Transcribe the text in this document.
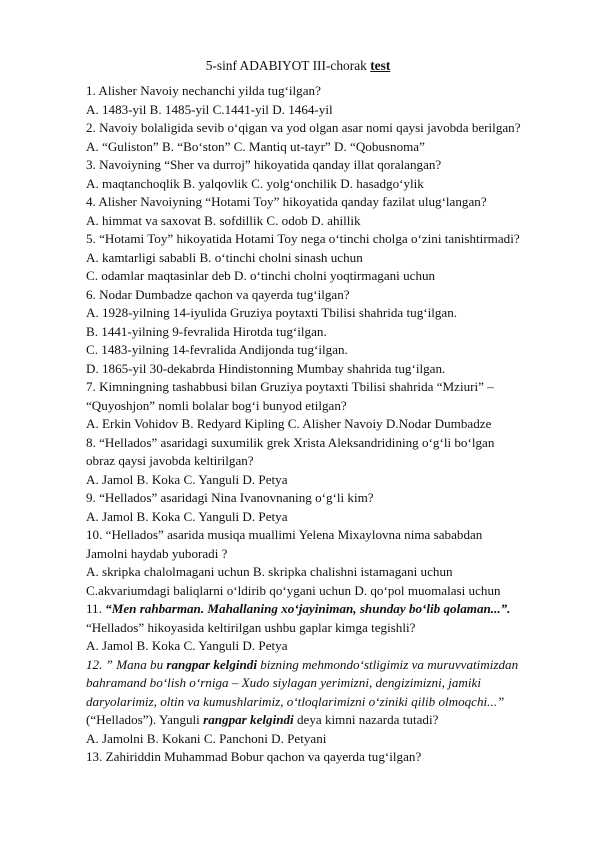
5-sinf ADABIYOT III-chorak test
1. Alisher Navoiy nechanchi yilda tug‘ilgan?
A. 1483-yil B. 1485-yil C.1441-yil D. 1464-yil
2. Navoiy bolaligida sevib o‘qigan va yod olgan asar nomi qaysi javobda berilgan?
A. “Guliston” B. “Bo‘ston” C. Mantiq ut-tayr” D. “Qobusnoma”
3. Navoiyning “Sher va durroj” hikoyatida qanday illat qoralangan?
A. maqtanchoqlik B. yalqovlik C. yolg‘onchilik D. hasadgo‘ylik
4. Alisher Navoiyning “Hotami Toy” hikoyatida qanday fazilat ulug‘langan?
A. himmat va saxovat B. sofdillik C. odob D. ahillik
5. “Hotami Toy” hikoyatida Hotami Toy nega o‘tinchi cholga o‘zini tanishtirmadi?
A. kamtarligi sababli B. o‘tinchi cholni sinash uchun
C. odamlar maqtasinlar deb D. o‘tinchi cholni yoqtirmagani uchun
6. Nodar Dumbadze qachon va qayerda tug‘ilgan?
A. 1928-yilning 14-iyulida Gruziya poytaxti Tbilisi shahrida tug‘ilgan.
B. 1441-yilning 9-fevralida Hirotda tug‘ilgan.
C. 1483-yilning 14-fevralida Andijonda tug‘ilgan.
D. 1865-yil 30-dekabrda Hindistonning Mumbay shahrida tug‘ilgan.
7. Kimningning tashabbusi bilan Gruziya poytaxti Tbilisi shahrida “Mziuri” –
“Quyoshjon” nomli bolalar bog‘i bunyod etilgan?
A. Erkin Vohidov B. Redyard Kipling C. Alisher Navoiy D.Nodar Dumbadze
8. “Hellados” asaridagi suxumilik grek Xrista Aleksandridining o‘g‘li bo‘lgan
obraz qaysi javobda keltirilgan?
A. Jamol B. Koka C. Yanguli D. Petya
9. “Hellados” asaridagi Nina Ivanovnaning o‘g‘li kim?
A. Jamol B. Koka C. Yanguli D. Petya
10. “Hellados” asarida musiqa muallimi Yelena Mixaylovna nima sababdan
Jamolni haydab yuboradi ?
A. skripka chalolmagani uchun B. skripka chalishni istamagani uchun
C.akvariumdagi baliqlarni o‘ldirib qo‘ygani uchun D. qo‘pol muomalasi uchun
11. “Men rahbarman. Mahallaning xo‘jayiniman, shunday bo‘lib qolaman...”.
“Hellados” hikoyasida keltirilgan ushbu gaplar kimga tegishli?
A. Jamol B. Koka C. Yanguli D. Petya
12. ” Mana bu rangpar kelgindi bizning mehmondo‘stligimiz va muruvvatimizdan
bahramand bo‘lish o‘rniga – Xudo siylagan yerimizni, dengizimizni, jamiki
daryolarimiz, oltin va kumushlarimiz, o‘tloqlarimizni o‘ziniki qilib olmoqchi...”
(“Hellados”). Yanguli rangpar kelgindi deya kimni nazarda tutadi?
A. Jamolni B. Kokani C. Panchoni D. Petyani
13. Zahiriddin Muhammad Bobur qachon va qayerda tug‘ilgan?
